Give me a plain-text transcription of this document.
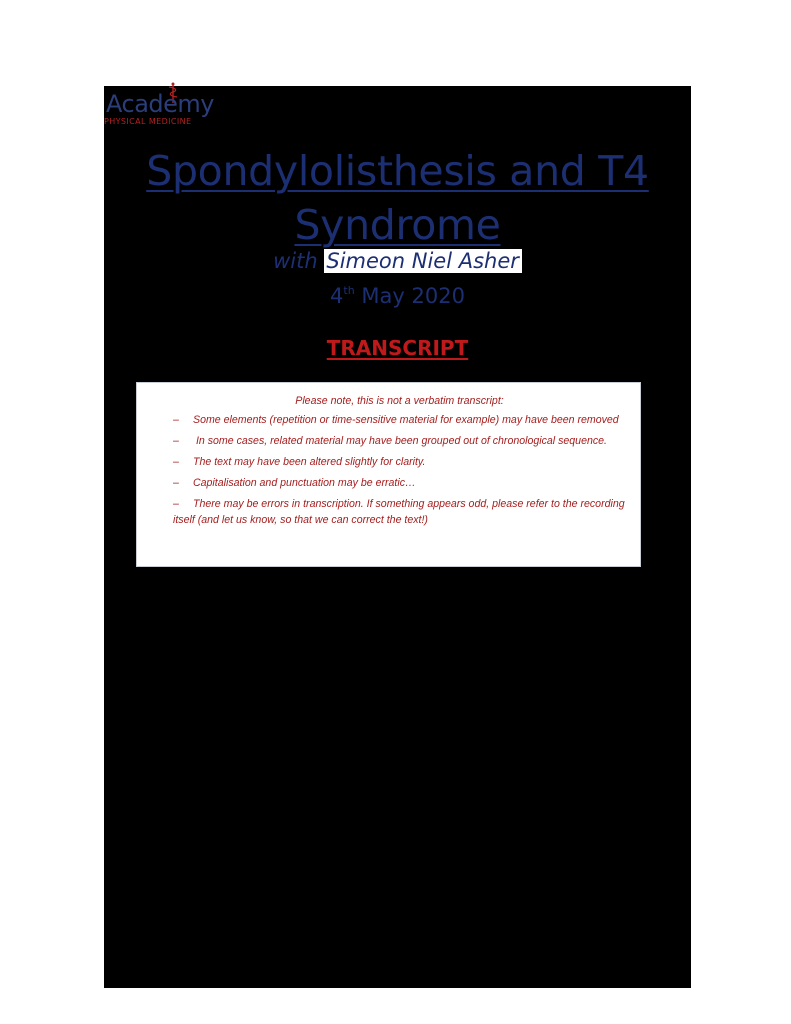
Academy
PHYSICAL MEDICINE
Spondylolisthesis and T4 Syndrome
with Simeon Niel Asher
4th May 2020
TRANSCRIPT

Please note, this is not a verbatim transcript:

– Some elements (repetition or time-sensitive material for example) may have been removed
– In some cases, related material may have been grouped out of chronological sequence.
– The text may have been altered slightly for clarity.
– Capitalisation and punctuation may be erratic…
– There may be errors in transcription. If something appears odd, please refer to the recording itself (and let us know, so that we can correct the text!)
